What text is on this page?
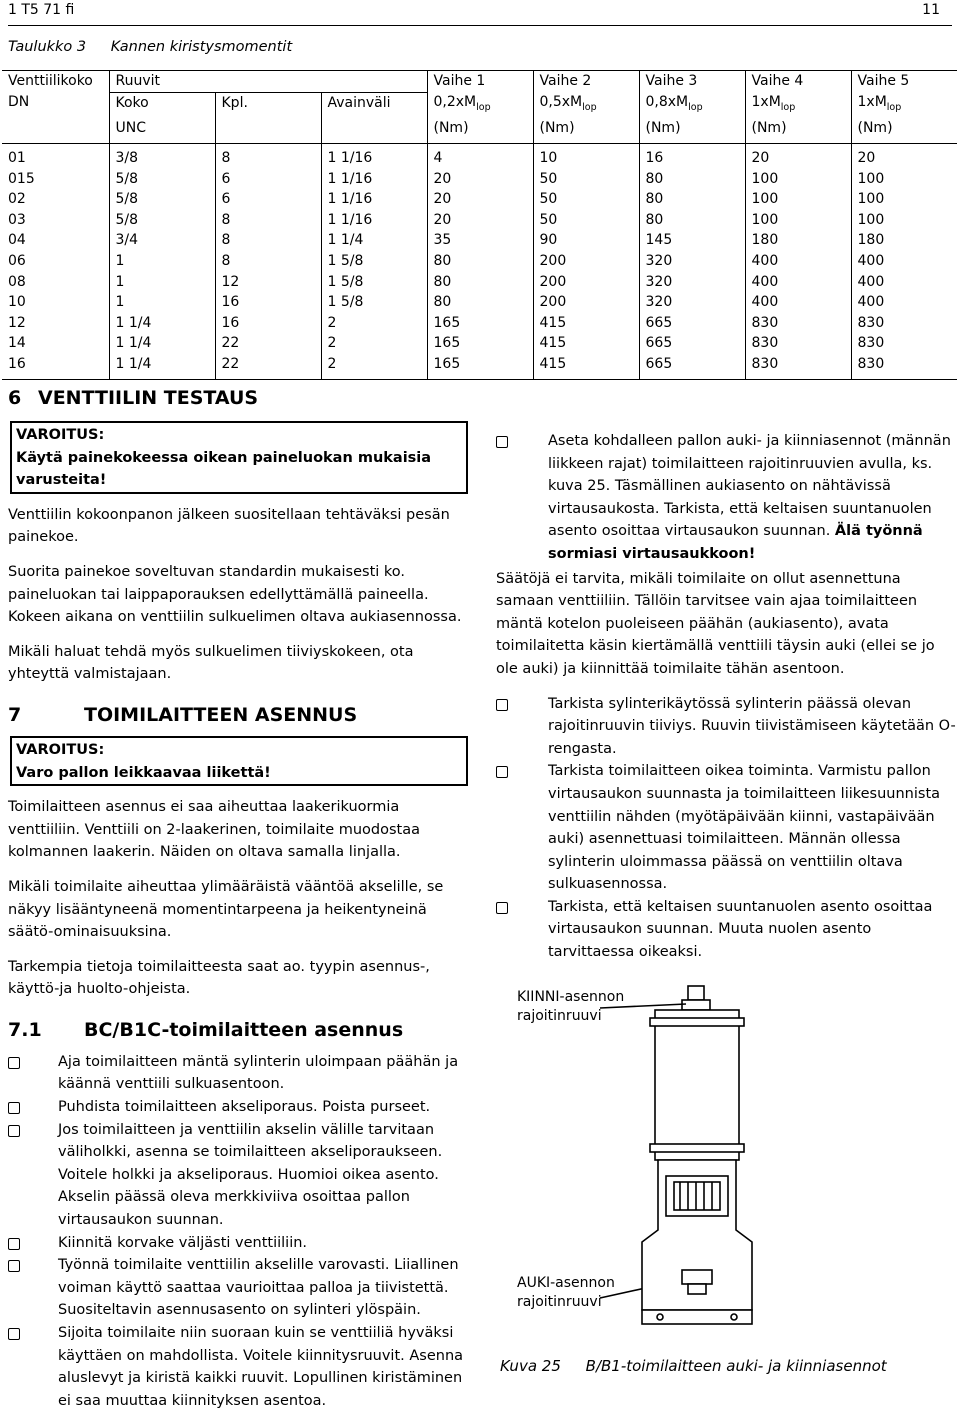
1 T5 71 fi	11
Taulukko 3 Kannen kiristysmomentit
Venttiilikoko	Ruuvit			Vaihe 1	Vaihe 2	Vaihe 3	Vaihe 4	Vaihe 5
DN	Koko	Kpl.	Avainväli	$0,2xM_{lop}$	$0,5xM_{lop}$	$0,8xM_{lop}$	$1xM_{lop}$	$1xM_{lop}$
	UNC			(Nm)	(Nm)	(Nm)	(Nm)	(Nm)
01	3/8	8	1 1/16	4	10	16	20	20
015	5/8	6	1 1/16	20	50	80	100	100
02	5/8	6	1 1/16	20	50	80	100	100
03	5/8	8	1 1/16	20	50	80	100	100
04	3/4	8	1 1/4	35	90	145	180	180
06	1	8	1 5/8	80	200	320	400	400
08	1	12	1 5/8	80	200	320	400	400
10	1	16	1 5/8	80	200	320	400	400
12	1 1/4	16	2	165	415	665	830	830
14	1 1/4	22	2	165	415	665	830	830
16	1 1/4	22	2	165	415	665	830	830
6 VENTTIILIN TESTAUS
VAROITUS:
Käytä painekokeessa oikean paineluokan mukaisia varusteita!

Venttiilin kokoonpanon jälkeen suositellaan tehtäväksi pesän painekoe.

Suorita painekoe soveltuvan standardin mukaisesti ko. paineluokan tai laippaporauksen edellyttämällä paineella. Kokeen aikana on venttiilin sulkuelimen oltava aukiasennossa.

Mikäli haluat tehdä myös sulkuelimen tiiviyskokeen, ota yhteyttä valmistajaan.

7	TOIMILAITTEEN ASENNUS
VAROITUS:
Varo pallon leikkaavaa liikettä!

Toimilaitteen asennus ei saa aiheuttaa laakerikuormia venttiiliin. Venttiili on 2-laakerinen, toimilaite muodostaa kolmannen laakerin. Näiden on oltava samalla linjalla.

Mikäli toimilaite aiheuttaa ylimääräistä vääntöä akselille, se näkyy lisääntyneenä momentintarpeena ja heikentyneinä säätö-ominaisuuksina.

Tarkempia tietoja toimilaitteesta saat ao. tyypin asennus-, käyttö-ja huolto-ohjeista.

7.1 BC/B1C-toimilaitteen asennus
Aja toimilaitteen mäntä sylinterin uloimpaan päähän ja käännä venttiili sulkuasentoon.
Puhdista toimilaitteen akseliporaus. Poista purseet.
Jos toimilaitteen ja venttiilin akselin välille tarvitaan väliholkki, asenna se toimilaitteen akseliporaukseen. Voitele holkki ja akseliporaus. Huomioi oikea asento. Akselin päässä oleva merkkiviiva osoittaa pallon virtausaukon suunnan.
Kiinnitä korvake väljästi venttiiliin.
Työnnä toimilaite venttiilin akselille varovasti. Liiallinen voiman käyttö saattaa vaurioittaa palloa ja tiivistettä. Suositeltavin asennusasento on sylinteri ylöspäin.
Sijoita toimilaite niin suoraan kuin se venttiiliä hyväksi käyttäen on mahdollista. Voitele kiinnitysruuvit. Asenna aluslevyt ja kiristä kaikki ruuvit. Lopullinen kiristäminen ei saa muuttaa kiinnityksen asentoa.
Aseta kohdalleen pallon auki- ja kiinniasennot (männän liikkeen rajat) toimilaitteen rajoitinruuvien avulla, ks. kuva 25. Täsmällinen aukiasento on nähtävissä virtausaukosta. Tarkista, että keltaisen suuntanuolen asento osoittaa virtausaukon suunnan. Älä työnnä sormiasi virtausaukkoon!

Säätöjä ei tarvita, mikäli toimilaite on ollut asennettuna samaan venttiiliin. Tällöin tarvitsee vain ajaa toimilaitteen mäntä kotelon puoleiseen päähän (aukiasento), avata toimilaitetta käsin kiertämällä venttiili täysin auki (ellei se jo ole auki) ja kiinnittää toimilaite tähän asentoon.

Tarkista sylinterikäytössä sylinterin päässä olevan rajoitinruuvin tiiviys. Ruuvin tiivistämiseen käytetään O-rengasta.
Tarkista toimilaitteen oikea toiminta. Varmistu pallon virtausaukon suunnasta ja toimilaitteen liikesuunnista venttiilin nähden (myötäpäivään kiinni, vastapäivään auki) asennettuasi toimilaitteen. Männän ollessa sylinterin uloimmassa päässä on venttiilin oltava sulkuasennossa.
Tarkista, että keltaisen suuntanuolen asento osoittaa virtausaukon suunnan. Muuta nuolen asento tarvittaessa oikeaksi.
KIINNI-asennon
rajoitinruuvi
AUKI-asennon
rajoitinruuvi
Kuva 25 B/B1-toimilaitteen auki- ja kiinniasennot
